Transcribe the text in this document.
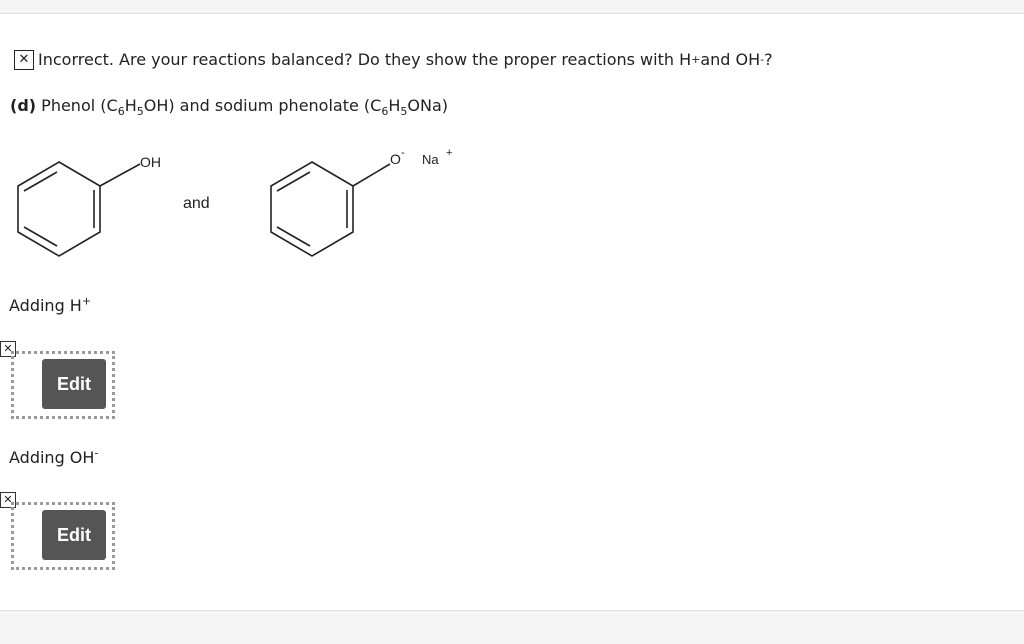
✕ Incorrect. Are your reactions balanced? Do they show the proper reactions with H + and OH - ?
(d) Phenol $(C_6H_5OH)$ and sodium phenolate $(C_6H_5ONa)$
OH
and
O - Na +
Adding H+
✕
Edit
Adding OH-
✕
Edit
